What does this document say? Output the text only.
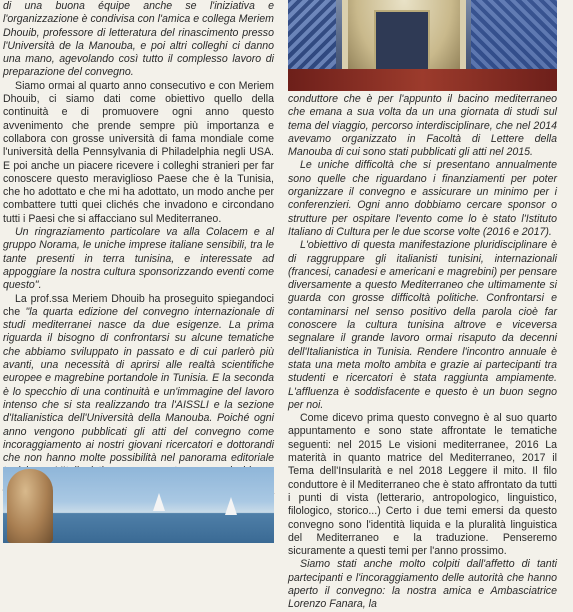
di una buona équipe anche se l'iniziativa e l'organizzazione è condivisa con l'amica e collega Meriem Dhouib, professore di letteratura del rinascimento presso l'Università de la Manouba, e poi altri colleghi ci danno una mano, agevolando così tutto il complesso lavoro di preparazione del convegno.

Siamo ormai al quarto anno consecutivo e con Meriem Dhouib, ci siamo dati come obiettivo quello della continuità e di promuovere ogni anno questo avvenimento che prende sempre più importanza e collabora con grosse università di fama mondiale come l'università della Pennsylvania di Philadelphia negli USA. E poi anche un piacere ricevere i colleghi stranieri per far conoscere questo meraviglioso Paese che è la Tunisia, che ho adottato e che mi ha adottato, un modo anche per combattere tutti quei clichés che invadono e circondano tutti i Paesi che si affacciano sul Mediterraneo.

Un ringraziamento particolare va alla Colacem e al gruppo Norama, le uniche imprese italiane sensibili, tra le tante presenti in terra tunisina, e interessate ad appoggiare la nostra cultura sponsorizzando eventi come questo".

La prof.ssa Meriem Dhouib ha proseguito spiegandoci che "la quarta edizione del convegno internazionale di studi mediterranei nasce da due esigenze. La prima riguarda il bisogno di confrontarsi su alcune tematiche che abbiamo sviluppato in passato e di cui parlerò più avanti, una necessità di aprirsi alle realtà scientifiche europee e magrebine portandole in Tunisia. E la seconda è lo specchio di una continuità e un'immagine del lavoro intenso che si sta realizzando tra l'AISSLI e la sezione d'Italianistica dell'Università della Manouba. Poiché ogni anno vengono pubblicati gli atti del convegno come incoraggiamento ai nostri giovani ricercatori e dottorandi che non hanno molte possibilità nel panorama editoriale

conduttore che è per l'appunto il bacino mediterraneo che emana a sua volta da un una giornata di studi sul tema del viaggio, percorso interdisciplinare, che nel 2014 avevamo organizzato in Facoltà di Lettere della Manouba di cui sono stati pubblicati gli atti nel 2015.

Le uniche difficoltà che si presentano annualmente sono quelle che riguardano i finanziamenti per poter organizzare il convegno e assicurare un minimo per i conferenzieri. Ogni anno dobbiamo cercare sponsor o strutture per ospitare l'evento come lo è stato l'Istituto Italiano di Cultura per le due scorse volte (2016 e 2017).

L'obiettivo di questa manifestazione pluridisciplinare è di raggruppare gli italianisti tunisini, internazionali (francesi, canadesi e americani e magrebini) per pensare diversamente a questo Mediterraneo che ultimamente si guarda con grosse difficoltà politiche. Confrontarsi e contaminarsi nel senso positivo della parola cioè far conoscere la cultura tunisina altrove e viceversa segnalare il grande lavoro ormai risaputo da decenni dell'Italianistica in Tunisia. Rendere l'incontro annuale è stata una meta molto ambita e grazie ai partecipanti tra studenti e ricercatori è stata raggiunta ampiamente. L'affluenza è soddisfacente e questo è un buon segno per noi.

Come dicevo prima questo convegno è al suo quarto appuntamento e sono state affrontate le tematiche seguenti: nel 2015 Le visioni mediterranee, 2016 La materità in quanto matrice del Mediterraneo, 2017 il Tema dell'Insularità e nel 2018 Leggere il mito. Il filo conduttore è il Mediterraneo che è stato affrontato da tutti i punti di vista (letterario, antropologico, linguistico, filologico, storico...) Certo i due temi emersi da questo convegno sono l'identità liquida e la pluralità linguistica del Mediterraneo e la traduzione. Penseremo sicuramente a questi temi per l'anno prossimo.

Siamo stati anche molto colpiti dall'affetto di tanti partecipanti e l'incoraggiamento delle autorità che hanno aperto il convegno: la nostra amica e Ambasciatrice Lorenzo Fanara, la
